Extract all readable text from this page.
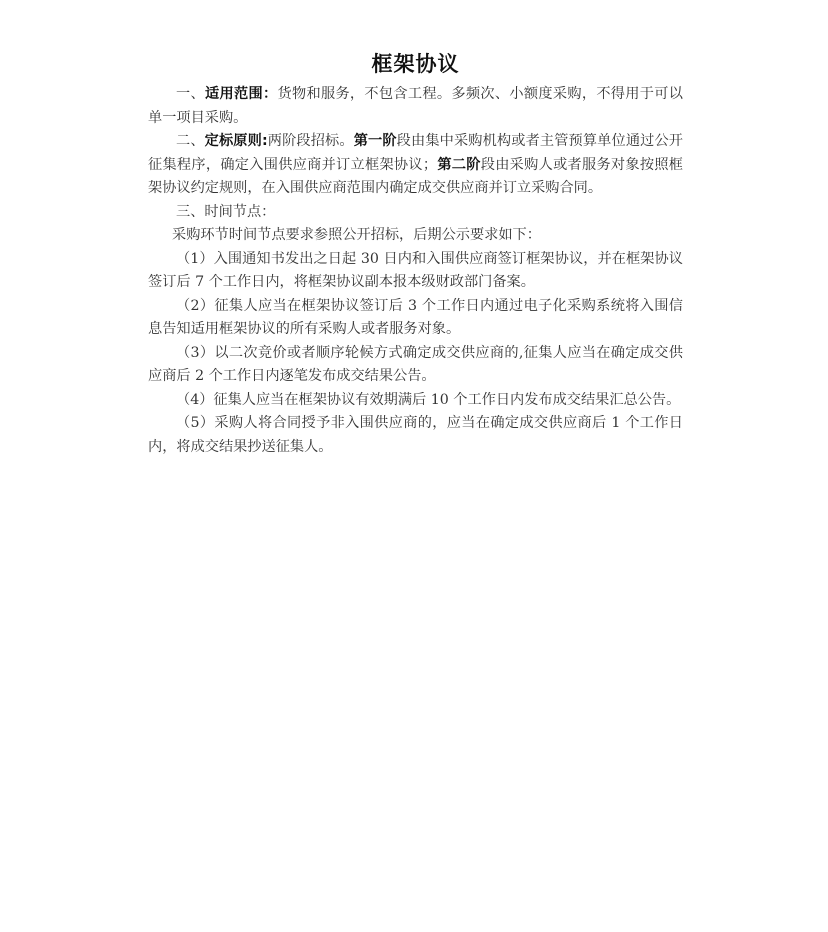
框架协议

一、适用范围：货物和服务，不包含工程。多频次、小额度采购，不得用于可以单一项目采购。

二、定标原则:两阶段招标。第一阶段由集中采购机构或者主管预算单位通过公开征集程序，确定入围供应商并订立框架协议；第二阶段由采购人或者服务对象按照框架协议约定规则，在入围供应商范围内确定成交供应商并订立采购合同。

三、时间节点：

采购环节时间节点要求参照公开招标，后期公示要求如下：

（1）入围通知书发出之日起 30 日内和入围供应商签订框架协议，并在框架协议签订后 7 个工作日内，将框架协议副本报本级财政部门备案。

（2）征集人应当在框架协议签订后 3 个工作日内通过电子化采购系统将入围信息告知适用框架协议的所有采购人或者服务对象。

（3）以二次竞价或者顺序轮候方式确定成交供应商的,征集人应当在确定成交供应商后 2 个工作日内逐笔发布成交结果公告。

（4）征集人应当在框架协议有效期满后 10 个工作日内发布成交结果汇总公告。

（5）采购人将合同授予非入围供应商的，应当在确定成交供应商后 1 个工作日内，将成交结果抄送征集人。
